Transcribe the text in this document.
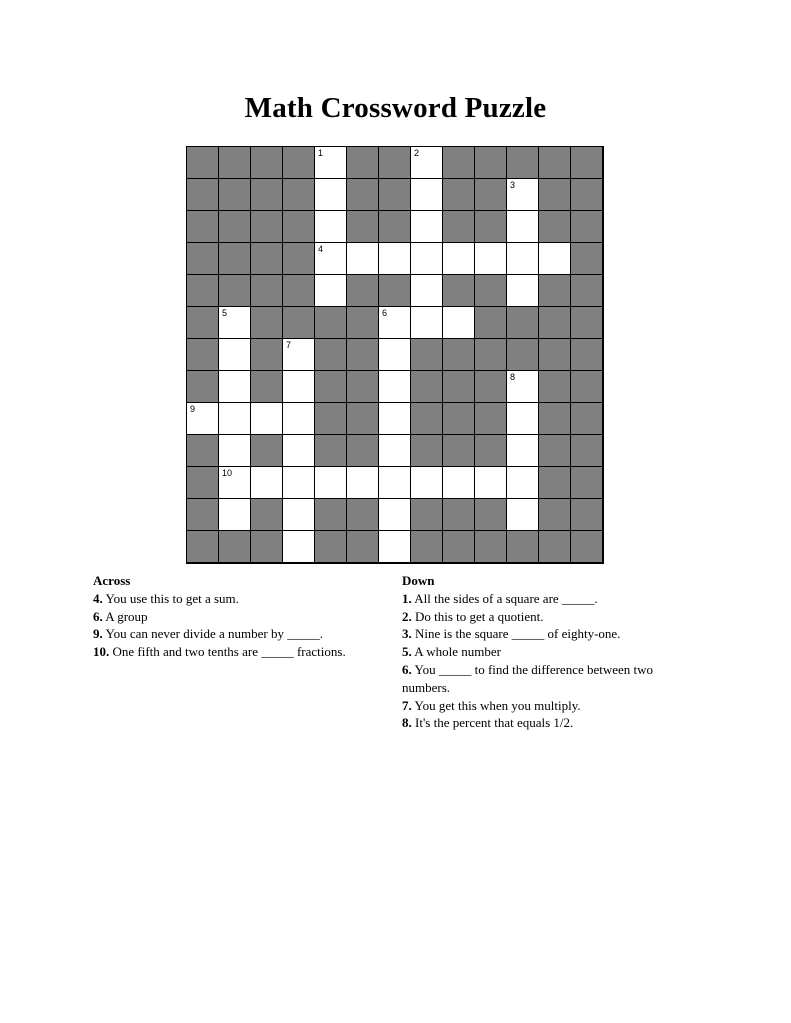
Math Crossword Puzzle
1	2
3
4
5	6
7
8
9
10
Across
4. You use this to get a sum.
6. A group
9. You can never divide a number by _____.
10. One fifth and two tenths are _____ fractions.
Down
1. All the sides of a square are _____.
2. Do this to get a quotient.
3. Nine is the square _____ of eighty-one.
5. A whole number
6. You _____ to find the difference between two numbers.
7. You get this when you multiply.
8. It's the percent that equals 1/2.
